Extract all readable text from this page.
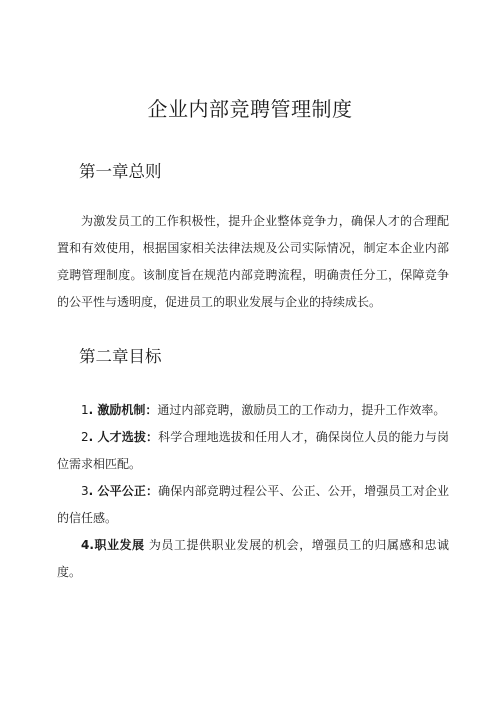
企业内部竞聘管理制度
第一章总则

为激发员工的工作积极性，提升企业整体竞争力，确保人才的合理配置和有效使用，根据国家相关法律法规及公司实际情况，制定本企业内部竞聘管理制度。该制度旨在规范内部竞聘流程，明确责任分工，保障竞争的公平性与透明度，促进员工的职业发展与企业的持续成长。

第二章目标

1. 激励机制：通过内部竞聘，激励员工的工作动力，提升工作效率。

2. 人才选拔：科学合理地选拔和任用人才，确保岗位人员的能力与岗位需求相匹配。

3. 公平公正：确保内部竞聘过程公平、公正、公开，增强员工对企业的信任感。

4.职业发展 为员工提供职业发展的机会，增强员工的归属感和忠诚度。
